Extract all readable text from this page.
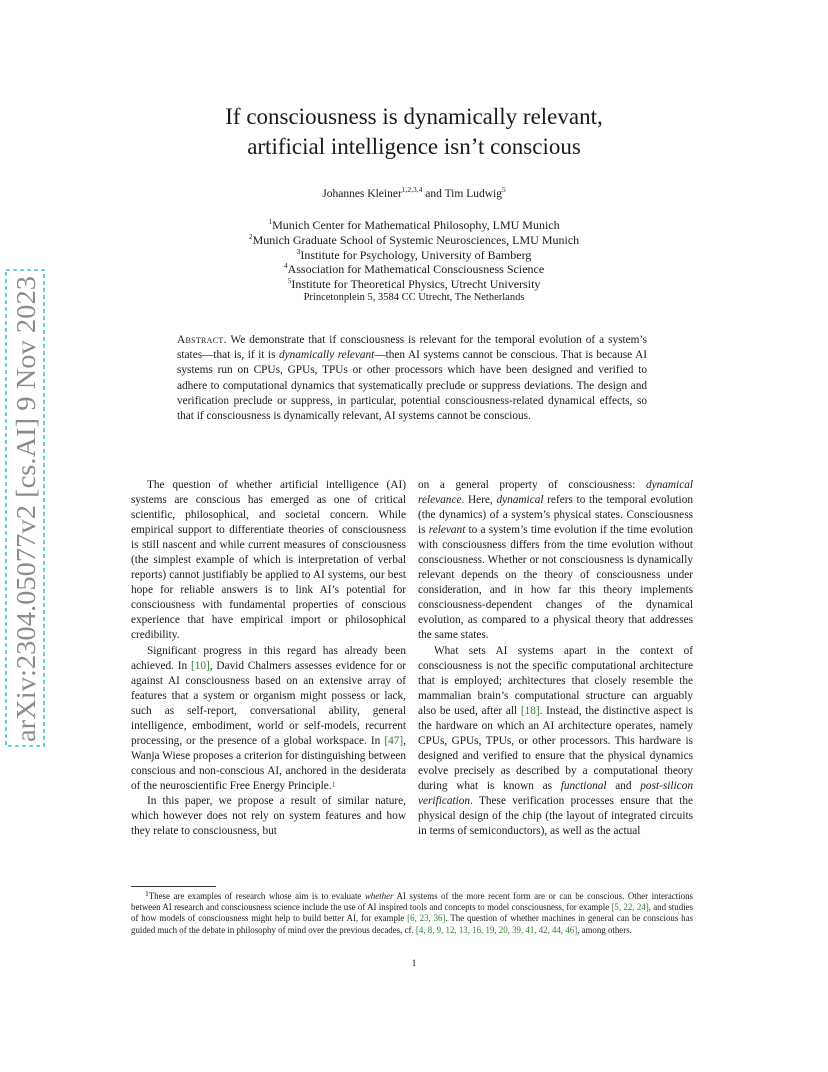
arXiv:2304.05077v2 [cs.AI] 9 Nov 2023
If consciousness is dynamically relevant,
artificial intelligence isn’t conscious
Johannes Kleiner$^{1,2,3,4}$ and Tim Ludwig$^5$
$^1$Munich Center for Mathematical Philosophy, LMU Munich
$^2$Munich Graduate School of Systemic Neurosciences, LMU Munich
$^3$Institute for Psychology, University of Bamberg
$^4$Association for Mathematical Consciousness Science
$^5$Institute for Theoretical Physics, Utrecht University
Princetonplein 5, 3584 CC Utrecht, The Netherlands
Abstract. We demonstrate that if consciousness is relevant for the temporal evolution of a system’s states—that is, if it is dynamically relevant—then AI systems cannot be conscious. That is because AI systems run on CPUs, GPUs, TPUs or other processors which have been designed and verified to adhere to computational dynamics that systematically preclude or suppress deviations. The design and verification preclude or suppress, in particular, potential consciousness-related dynamical effects, so that if consciousness is dynamically relevant, AI systems cannot be conscious.

The question of whether artificial intelligence (AI) systems are conscious has emerged as one of critical scientific, philosophical, and societal concern. While empirical support to differentiate theories of consciousness is still nascent and while current measures of consciousness (the simplest example of which is interpretation of verbal reports) cannot justifiably be applied to AI systems, our best hope for reliable answers is to link AI’s potential for consciousness with fundamental properties of conscious experience that have empirical import or philosophical credibility.

Significant progress in this regard has already been achieved. In [10], David Chalmers assesses evidence for or against AI consciousness based on an extensive array of features that a system or organism might possess or lack, such as self-report, conversational ability, general intelligence, embodiment, world or self-models, recurrent processing, or the presence of a global workspace. In [47], Wanja Wiese proposes a criterion for distinguishing between conscious and non-conscious AI, anchored in the desiderata of the neuroscientific Free Energy Principle.$^1$

In this paper, we propose a result of similar nature, which however does not rely on system features and how they relate to consciousness, but

on a general property of consciousness: dynamical relevance. Here, dynamical refers to the temporal evolution (the dynamics) of a system’s physical states. Consciousness is relevant to a system’s time evolution if the time evolution with consciousness differs from the time evolution without consciousness. Whether or not consciousness is dynamically relevant depends on the theory of consciousness under consideration, and in how far this theory implements consciousness-dependent changes of the dynamical evolution, as compared to a physical theory that addresses the same states.

What sets AI systems apart in the context of consciousness is not the specific computational architecture that is employed; architectures that closely resemble the mammalian brain’s computational structure can arguably also be used, after all [18]. Instead, the distinctive aspect is the hardware on which an AI architecture operates, namely CPUs, GPUs, TPUs, or other processors. This hardware is designed and verified to ensure that the physical dynamics evolve precisely as described by a computational theory during what is known as functional and post-silicon verification. These verification processes ensure that the physical design of the chip (the layout of integrated circuits in terms of semiconductors), as well as the actual

$^1$These are examples of research whose aim is to evaluate whether AI systems of the more recent form are or can be conscious. Other interactions between AI research and consciousness science include the use of AI inspired tools and concepts to model consciousness, for example [5, 22, 24], and studies of how models of consciousness might help to build better AI, for example [6, 23, 36]. The question of whether machines in general can be conscious has guided much of the debate in philosophy of mind over the previous decades, cf. [4, 8, 9, 12, 13, 16, 19, 20, 39, 41, 42, 44, 46], among others.
1
